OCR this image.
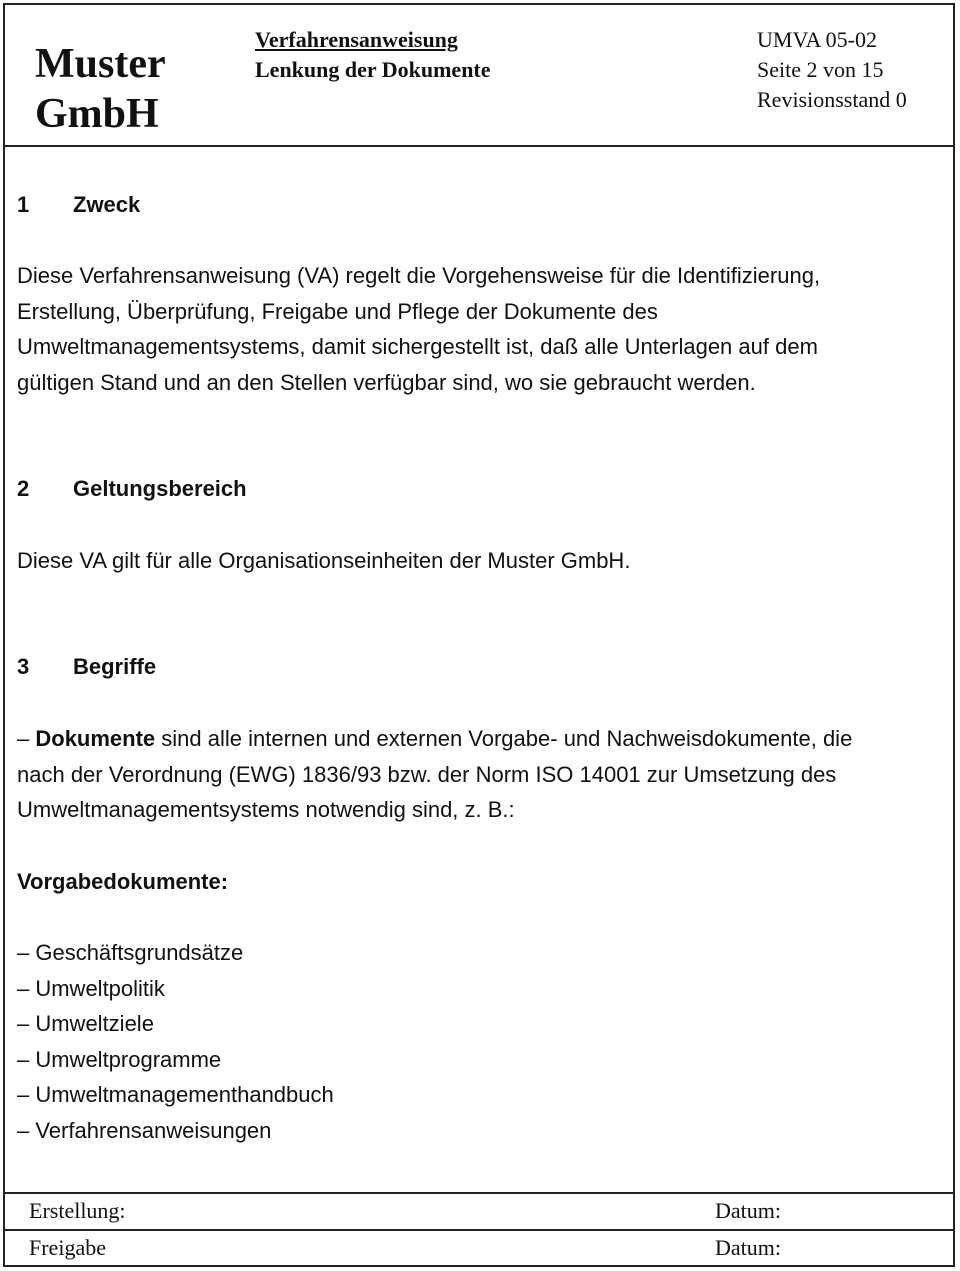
Muster
GmbH
Verfahrensanweisung
Lenkung der Dokumente
UMVA 05-02
Seite 2 von 15
Revisionsstand 0
1 Zweck
Diese Verfahrensanweisung (VA) regelt die Vorgehensweise für die Identifizierung,
Erstellung, Überprüfung, Freigabe und Pflege der Dokumente des
Umweltmanagementsystems, damit sichergestellt ist, daß alle Unterlagen auf dem
gültigen Stand und an den Stellen verfügbar sind, wo sie gebraucht werden.
2 Geltungsbereich
Diese VA gilt für alle Organisationseinheiten der Muster GmbH.
3 Begriffe
– Dokumente sind alle internen und externen Vorgabe- und Nachweisdokumente, die
nach der Verordnung (EWG) 1836/93 bzw. der Norm ISO 14001 zur Umsetzung des
Umweltmanagementsystems notwendig sind, z. B.:
Vorgabedokumente:
– Geschäftsgrundsätze
– Umweltpolitik
– Umweltziele
– Umweltprogramme
– Umweltmanagementhandbuch
– Verfahrensanweisungen
Erstellung:	Datum:
Freigabe	Datum:
